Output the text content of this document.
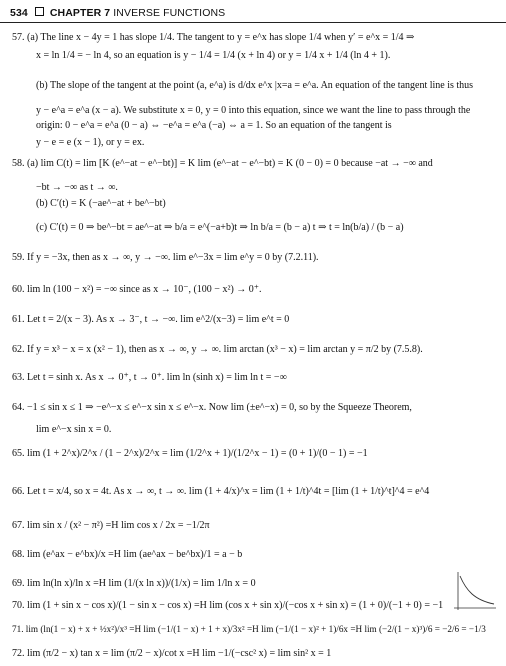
534 CHAPTER 7 INVERSE FUNCTIONS
57. (a) The line x − 4y = 1 has slope 1/4. The tangent to y = e^x has slope 1/4 when y′ = e^x = 1/4 ⇒
x = ln 1/4 = − ln 4, so an equation is y − 1/4 = 1/4 (x + ln 4) or y = 1/4 x + 1/4 (ln 4 + 1).
(b) The slope of the tangent at the point (a, e^a) is d/dx e^x |x=a = e^a. An equation of the tangent line is thus
y − e^a = e^a (x − a). We substitute x = 0, y = 0 into this equation, since we want the line to pass through the
origin: 0 − e^a = e^a (0 − a) ⇔ −e^a = e^a (−a) ⇔ a = 1. So an equation of the tangent is
y − e = e (x − 1), or y = ex.
58. (a) lim C(t) = lim [K (e^−at − e^−bt)] = K lim (e^−at − e^−bt) = K (0 − 0) = 0 because −at → −∞ and
−bt → −∞ as t → ∞.
(b) C′(t) = K (−ae^−at + be^−bt)
(c) C′(t) = 0 ⇒ be^−bt = ae^−at ⇒ b/a = e^(−a+b)t ⇒ ln b/a = (b − a) t ⇒ t = ln(b/a) / (b − a)
59. If y = −3x, then as x → ∞, y → −∞. lim e^−3x = lim e^y = 0 by (7.2.11).
60. lim ln (100 − x²) = −∞ since as x → 10⁻, (100 − x²) → 0⁺.
61. Let t = 2/(x − 3). As x → 3⁻, t → −∞. lim e^2/(x−3) = lim e^t = 0
62. If y = x³ − x = x (x² − 1), then as x → ∞, y → ∞. lim arctan (x³ − x) = lim arctan y = π/2 by (7.5.8).
63. Let t = sinh x. As x → 0⁺, t → 0⁺. lim ln (sinh x) = lim ln t = −∞
64. −1 ≤ sin x ≤ 1 ⇒ −e^−x ≤ e^−x sin x ≤ e^−x. Now lim (±e^−x) = 0, so by the Squeeze Theorem,
lim e^−x sin x = 0.
65. lim (1 + 2^x)/2^x / (1 − 2^x)/2^x = lim (1/2^x + 1)/(1/2^x − 1) = (0 + 1)/(0 − 1) = −1
66. Let t = x/4, so x = 4t. As x → ∞, t → ∞. lim (1 + 4/x)^x = lim (1 + 1/t)^4t = [lim (1 + 1/t)^t]^4 = e^4
67. lim sin x / (x² − π²) =H lim cos x / 2x = −1/2π
68. lim (e^ax − e^bx)/x =H lim (ae^ax − be^bx)/1 = a − b
69. lim ln(ln x)/ln x =H lim (1/(x ln x))/(1/x) = lim 1/ln x = 0
70. lim (1 + sin x − cos x)/(1 − sin x − cos x) =H lim (cos x + sin x)/(−cos x + sin x) = (1 + 0)/(−1 + 0) = −1
71. lim (ln(1 − x) + x + ½x²)/x³ =H lim (−1/(1 − x) + 1 + x)/3x² =H lim (−1/(1 − x)² + 1)/6x =H lim (−2/(1 − x)³)/6 = −2/6 = −1/3
72. lim (π/2 − x) tan x = lim (π/2 − x)/cot x =H lim −1/(−csc² x) = lim sin² x = 1
